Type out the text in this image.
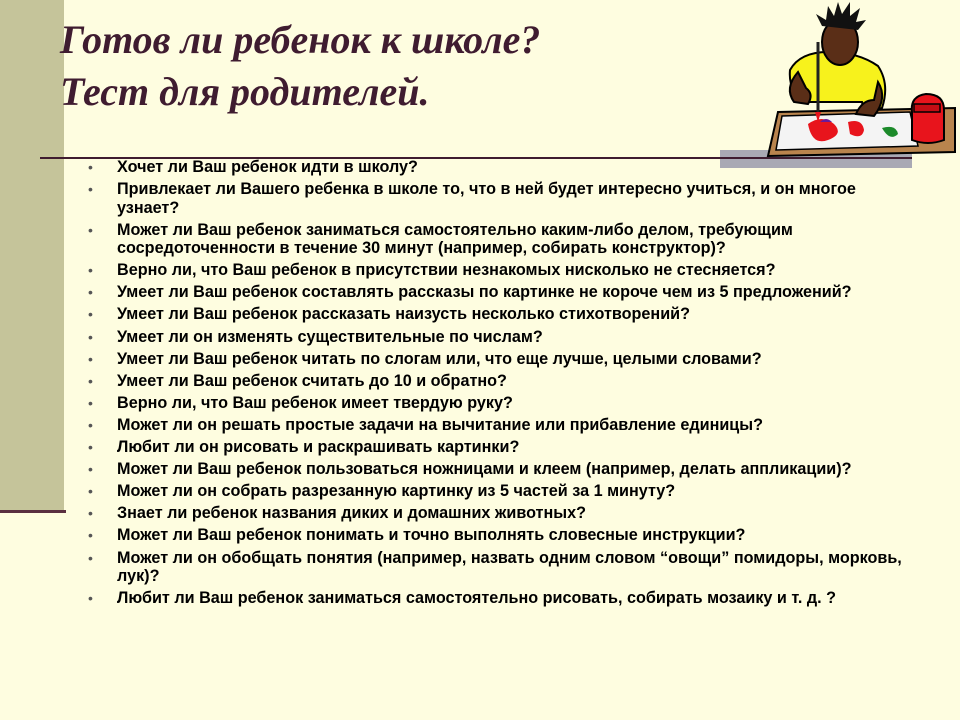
Готов ли ребенок к школе?
Тест для родителей.
• Хочет ли Ваш ребенок идти в школу?
• Привлекает ли Вашего ребенка в школе то, что в ней будет интересно учиться, и он многое узнает?
• Может ли Ваш ребенок заниматься самостоятельно каким-либо делом, требующим сосредоточенности в течение 30 минут (например, собирать конструктор)?
• Верно ли, что Ваш ребенок в присутствии незнакомых нисколько не стесняется?
• Умеет ли Ваш ребенок составлять рассказы по картинке не короче чем из 5 предложений?
• Умеет ли Ваш ребенок рассказать наизусть несколько стихотворений?
• Умеет ли он изменять существительные по числам?
• Умеет ли Ваш ребенок читать по слогам или, что еще лучше, целыми словами?
• Умеет ли Ваш ребенок считать до 10 и обратно?
• Верно ли, что Ваш ребенок имеет твердую руку?
• Может ли он решать простые задачи на вычитание или прибавление единицы?
• Любит ли он рисовать и раскрашивать картинки?
• Может ли Ваш ребенок пользоваться ножницами и клеем (например, делать аппликации)?
• Может ли он собрать разрезанную картинку из 5 частей за 1 минуту?
• Знает ли ребенок названия диких и домашних животных?
• Может ли Ваш ребенок понимать и точно выполнять словесные инструкции?
• Может ли он обобщать понятия (например, назвать одним словом “овощи” помидоры, морковь, лук)?
• Любит ли Ваш ребенок заниматься самостоятельно рисовать, собирать мозаику и т. д. ?
